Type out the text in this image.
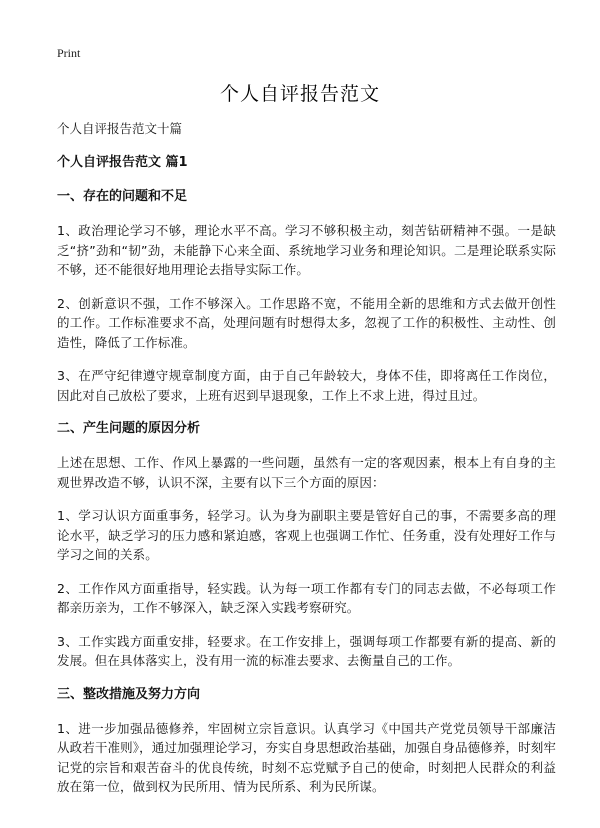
Print
个人自评报告范文

个人自评报告范文十篇

个人自评报告范文 篇1

一、存在的问题和不足

1、政治理论学习不够，理论水平不高。学习不够积极主动，刻苦钻研精神不强。一是缺乏“挤”劲和“韧”劲，未能静下心来全面、系统地学习业务和理论知识。二是理论联系实际不够，还不能很好地用理论去指导实际工作。

2、创新意识不强，工作不够深入。工作思路不宽，不能用全新的思维和方式去做开创性的工作。工作标准要求不高，处理问题有时想得太多，忽视了工作的积极性、主动性、创造性，降低了工作标准。

3、在严守纪律遵守规章制度方面，由于自己年龄较大，身体不佳，即将离任工作岗位，因此对自己放松了要求，上班有迟到早退现象，工作上不求上进，得过且过。

二、产生问题的原因分析

上述在思想、工作、作风上暴露的一些问题，虽然有一定的客观因素，根本上有自身的主观世界改造不够，认识不深，主要有以下三个方面的原因：

1、学习认识方面重事务，轻学习。认为身为副职主要是管好自己的事，不需要多高的理论水平，缺乏学习的压力感和紧迫感，客观上也强调工作忙、任务重，没有处理好工作与学习之间的关系。

2、工作作风方面重指导，轻实践。认为每一项工作都有专门的同志去做，不必每项工作都亲历亲为，工作不够深入，缺乏深入实践考察研究。

3、工作实践方面重安排，轻要求。在工作安排上，强调每项工作都要有新的提高、新的发展。但在具体落实上，没有用一流的标准去要求、去衡量自己的工作。

三、整改措施及努力方向

1、进一步加强品德修养，牢固树立宗旨意识。认真学习《中国共产党党员领导干部廉洁从政若干准则》，通过加强理论学习，夯实自身思想政治基础，加强自身品德修养，时刻牢记党的宗旨和艰苦奋斗的优良传统，时刻不忘党赋予自己的使命，时刻把人民群众的利益放在第一位，做到权为民所用、情为民所系、利为民所谋。
